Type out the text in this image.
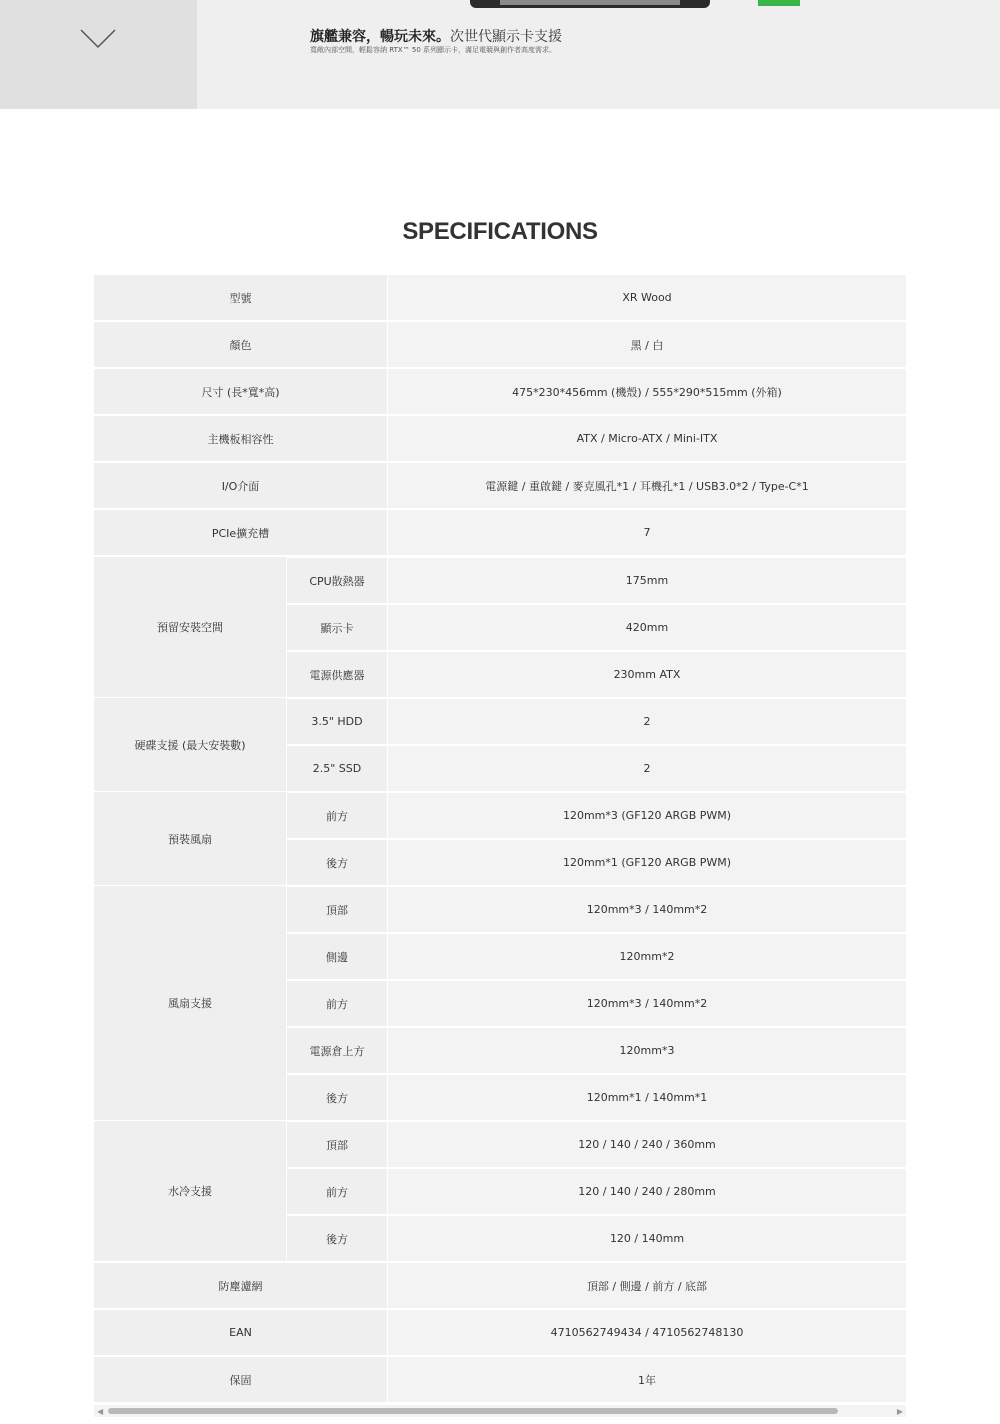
旗艦兼容，暢玩未來。次世代顯示卡支援
寬敞內部空間，輕鬆容納 RTX™ 50 系列顯示卡，滿足電競與創作者高度需求。
SPECIFICATIONS
型號	XR Wood
顏色	黑 / 白
尺寸 (長*寬*高)	475*230*456mm (機殼) / 555*290*515mm (外箱)
主機板相容性	ATX / Micro-ATX / Mini-ITX
I/O介面	電源鍵 / 重啟鍵 / 麥克風孔*1 / 耳機孔*1 / USB3.0*2 / Type-C*1
PCIe擴充槽	7
預留安裝空間
CPU散熱器	175mm
顯示卡	420mm
電源供應器	230mm ATX
硬碟支援 (最大安裝數)
3.5" HDD	2
2.5" SSD	2
預裝風扇
前方	120mm*3 (GF120 ARGB PWM)
後方	120mm*1 (GF120 ARGB PWM)
風扇支援
頂部	120mm*3 / 140mm*2
側邊	120mm*2
前方	120mm*3 / 140mm*2
電源倉上方	120mm*3
後方	120mm*1 / 140mm*1
水冷支援
頂部	120 / 140 / 240 / 360mm
前方	120 / 140 / 240 / 280mm
後方	120 / 140mm
防塵濾網	頂部 / 側邊 / 前方 / 底部
EAN	4710562749434 / 4710562748130
保固	1年
◀	▶
